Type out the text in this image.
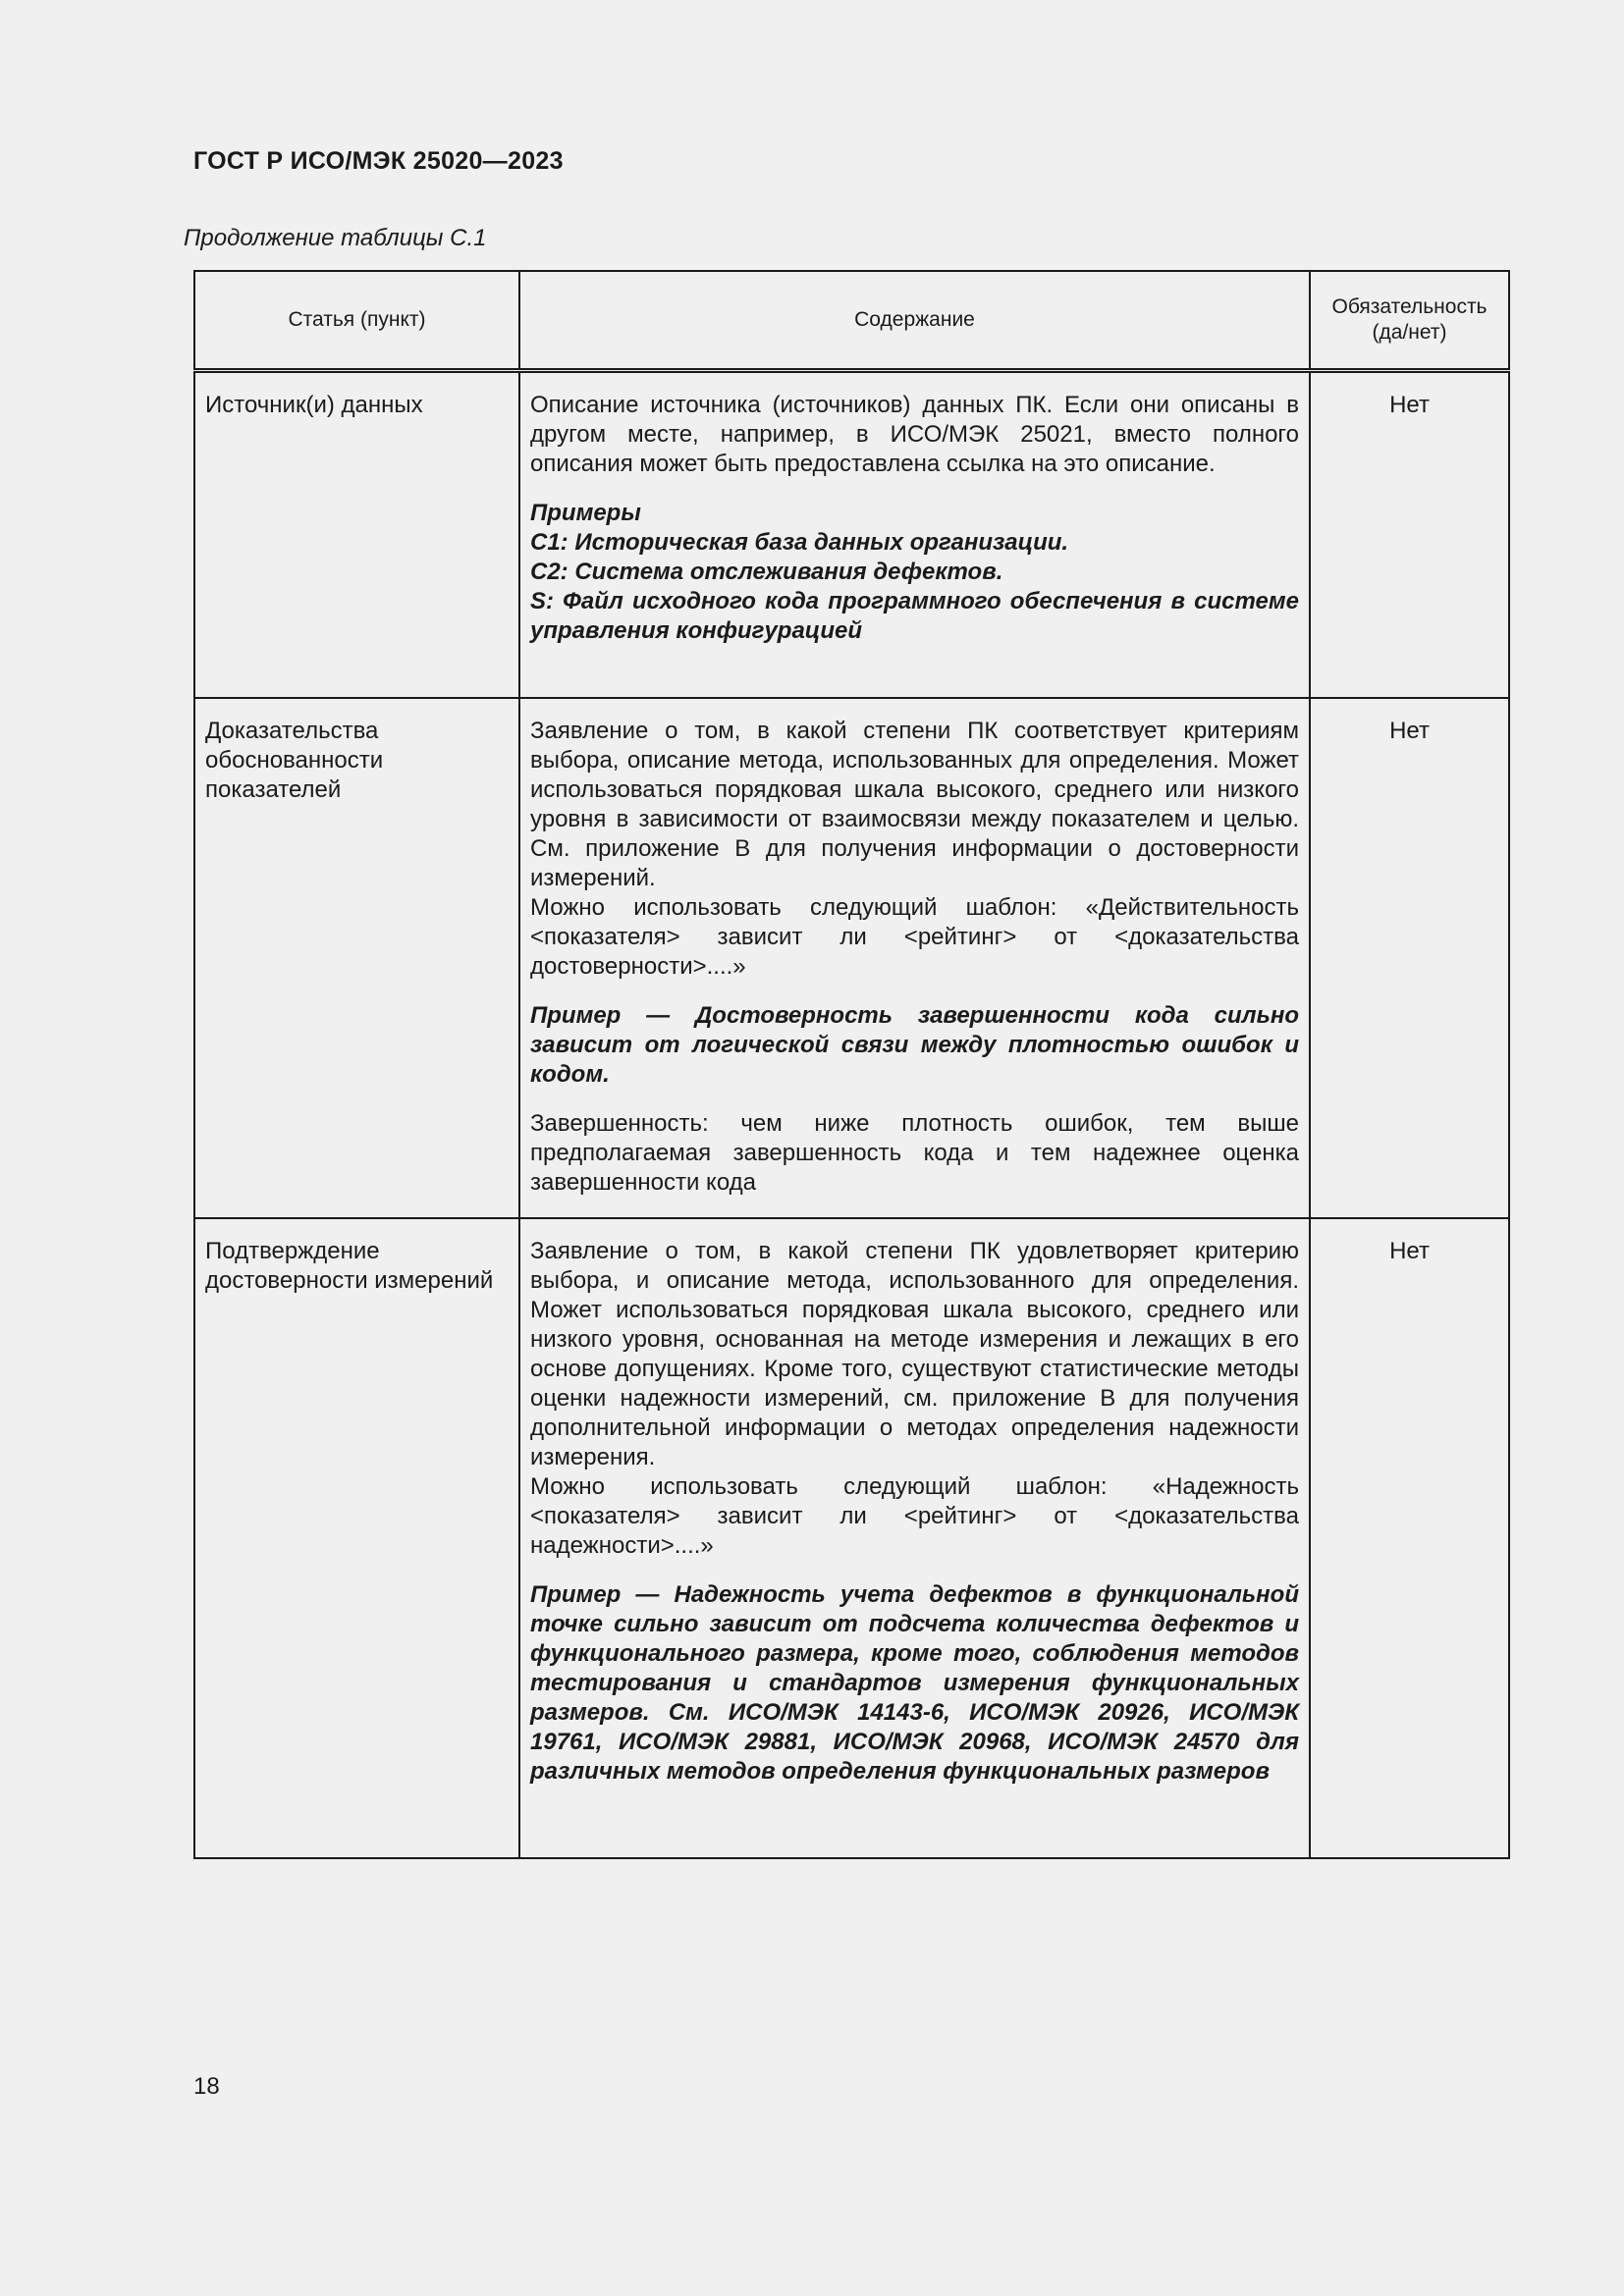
ГОСТ Р ИСО/МЭК 25020—2023
Продолжение таблицы С.1
Статья (пункт)	Содержание	Обязательность (да/нет)
Источник(и) данных	Описание источника (источников) данных ПК. Если они описаны в другом месте, например, в ИСО/МЭК 25021, вместо полного описания может быть предоставлена ссылка на это описание.

Примеры

С1: Историческая база данных организации.

С2: Система отслеживания дефектов.

S: Файл исходного кода программного обеспечения в системе управления конфигурацией	Нет
Доказательства обоснованности показателей	Заявление о том, в какой степени ПК соответствует критериям выбора, описание метода, использованных для определения. Может использоваться порядковая шкала высокого, среднего или низкого уровня в зависимости от взаимосвязи между показателем и целью. См. приложение В для получения информации о достоверности измерений.

Можно использовать следующий шаблон: «Действительность <показателя> зависит ли <рейтинг> от <доказательства достоверности>....»

Пример — Достоверность завершенности кода сильно зависит от логической связи между плотностью ошибок и кодом.

Завершенность: чем ниже плотность ошибок, тем выше предполагаемая завершенность кода и тем надежнее оценка завершенности кода	Нет
Подтверждение достоверности измерений	Заявление о том, в какой степени ПК удовлетворяет критерию выбора, и описание метода, использованного для определения. Может использоваться порядковая шкала высокого, среднего или низкого уровня, основанная на методе измерения и лежащих в его основе допущениях. Кроме того, существуют статистические методы оценки надежности измерений, см. приложение В для получения дополнительной информации о методах определения надежности измерения.

Можно использовать следующий шаблон: «Надежность <показателя> зависит ли <рейтинг> от <доказательства надежности>....»

Пример — Надежность учета дефектов в функциональной точке сильно зависит от подсчета количества дефектов и функционального размера, кроме того, соблюдения методов тестирования и стандартов измерения функциональных размеров. См. ИСО/МЭК 14143-6, ИСО/МЭК 20926, ИСО/МЭК 19761, ИСО/МЭК 29881, ИСО/МЭК 20968, ИСО/МЭК 24570 для различных методов определения функциональных размеров	Нет
18
